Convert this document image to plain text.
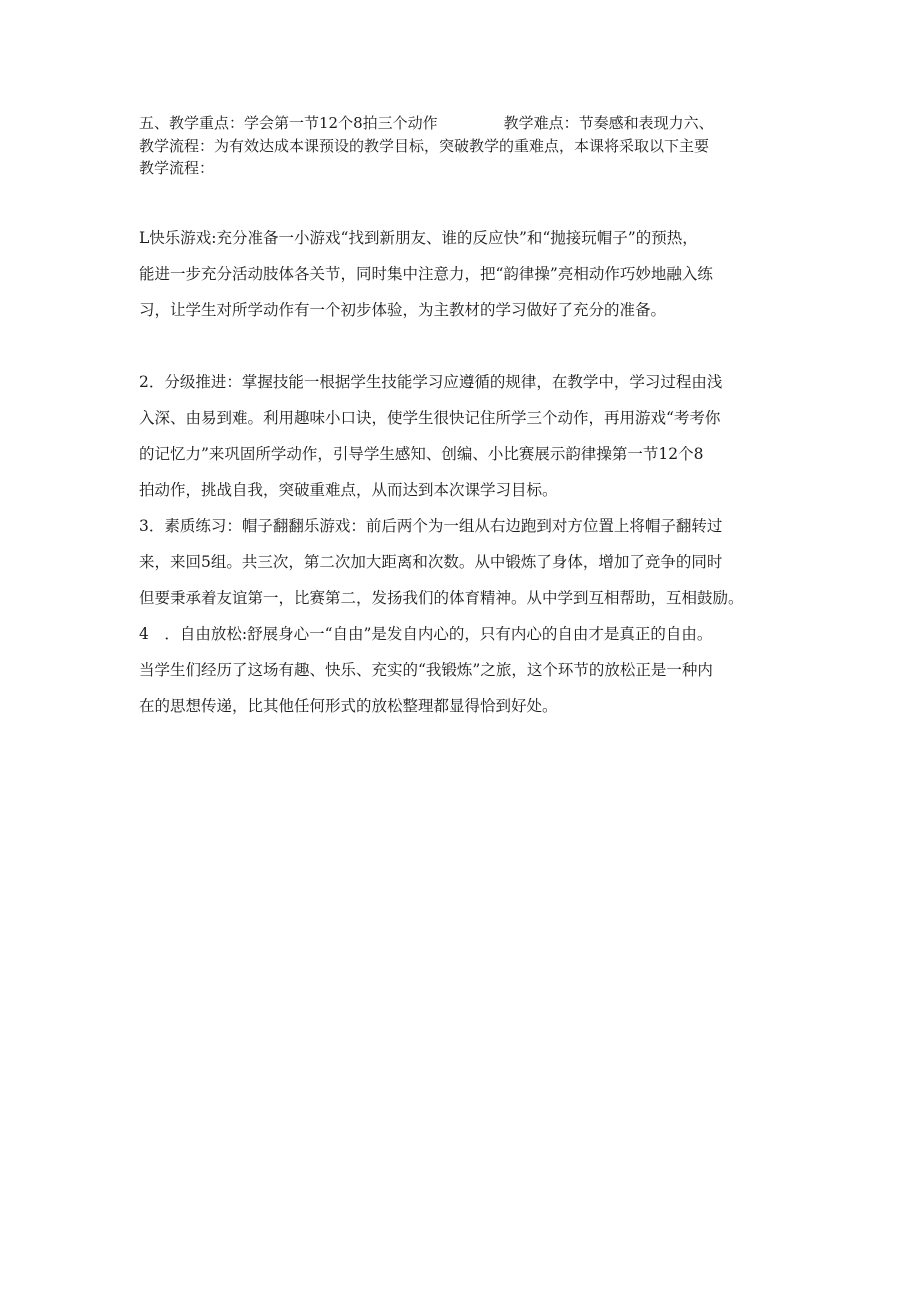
五、教学重点：学会第一节12个8拍三个动作	教学难点：节奏感和表现力六、
教学流程：为有效达成本课预设的教学目标，突破教学的重难点，本课将采取以下主要
教学流程：
L快乐游戏:充分准备一小游戏“找到新朋友、谁的反应快”和“抛接玩帽子”的预热，
能进一步充分活动肢体各关节，同时集中注意力，把“韵律操”亮相动作巧妙地融入练
习，让学生对所学动作有一个初步体验，为主教材的学习做好了充分的准备。
2．分级推进：掌握技能一根据学生技能学习应遵循的规律，在教学中，学习过程由浅
入深、由易到难。利用趣味小口诀，使学生很快记住所学三个动作，再用游戏“考考你
的记忆力”来巩固所学动作，引导学生感知、创编、小比赛展示韵律操第一节12个8
拍动作，挑战自我，突破重难点，从而达到本次课学习目标。
3．素质练习：帽子翻翻乐游戏：前后两个为一组从右边跑到对方位置上将帽子翻转过
来，来回5组。共三次，第二次加大距离和次数。从中锻炼了身体，增加了竞争的同时
但要秉承着友谊第一，比赛第二，发扬我们的体育精神。从中学到互相帮助，互相鼓励。
4　．自由放松:舒展身心一“自由”是发自内心的，只有内心的自由才是真正的自由。
当学生们经历了这场有趣、快乐、充实的“我锻炼”之旅，这个环节的放松正是一种内
在的思想传递，比其他任何形式的放松整理都显得恰到好处。
